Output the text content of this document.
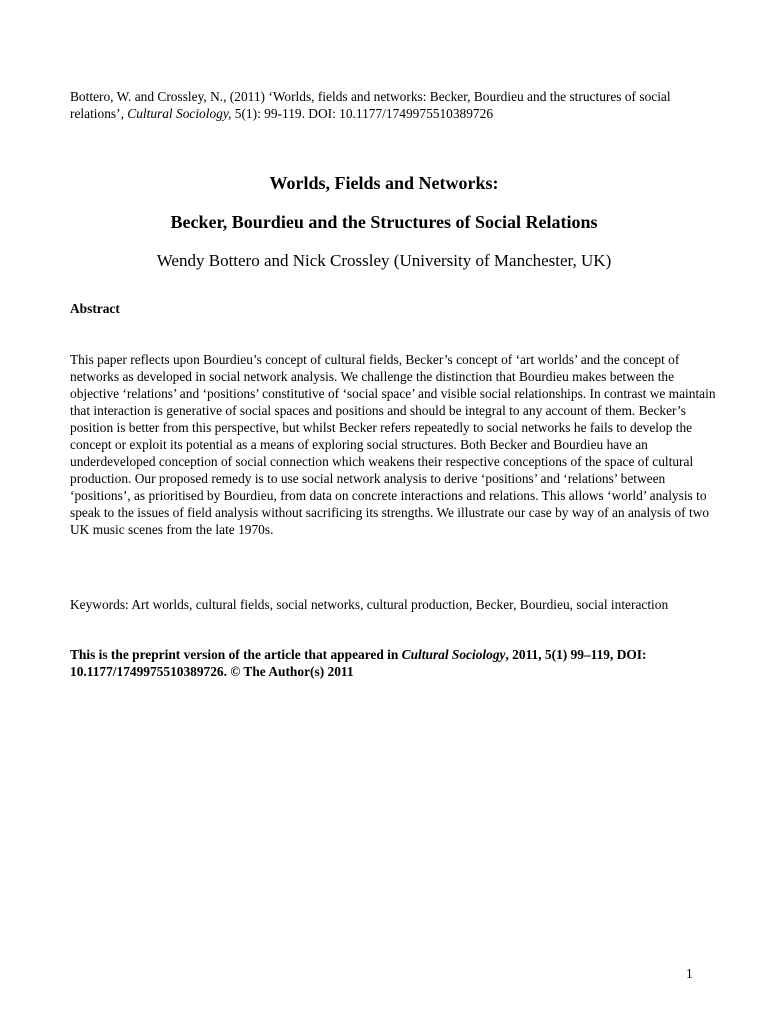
Bottero, W. and Crossley, N., (2011) ‘Worlds, fields and networks: Becker, Bourdieu and the structures of social relations’, Cultural Sociology, 5(1): 99-119. DOI: 10.1177/1749975510389726
Worlds, Fields and Networks:
Becker, Bourdieu and the Structures of Social Relations
Wendy Bottero and Nick Crossley (University of Manchester, UK)
Abstract

This paper reflects upon Bourdieu’s concept of cultural fields, Becker’s concept of ‘art worlds’ and the concept of networks as developed in social network analysis. We challenge the distinction that Bourdieu makes between the objective ‘relations’ and ‘positions’ constitutive of ‘social space’ and visible social relationships. In contrast we maintain that interaction is generative of social spaces and positions and should be integral to any account of them. Becker’s position is better from this perspective, but whilst Becker refers repeatedly to social networks he fails to develop the concept or exploit its potential as a means of exploring social structures. Both Becker and Bourdieu have an underdeveloped conception of social connection which weakens their respective conceptions of the space of cultural production. Our proposed remedy is to use social network analysis to derive ‘positions’ and ‘relations’ between ‘positions’, as prioritised by Bourdieu, from data on concrete interactions and relations. This allows ‘world’ analysis to speak to the issues of field analysis without sacrificing its strengths. We illustrate our case by way of an analysis of two UK music scenes from the late 1970s.

Keywords: Art worlds, cultural fields, social networks, cultural production, Becker, Bourdieu, social interaction
This is the preprint version of the article that appeared in Cultural Sociology, 2011, 5(1) 99–119, DOI: 10.1177/1749975510389726. © The Author(s) 2011
1
